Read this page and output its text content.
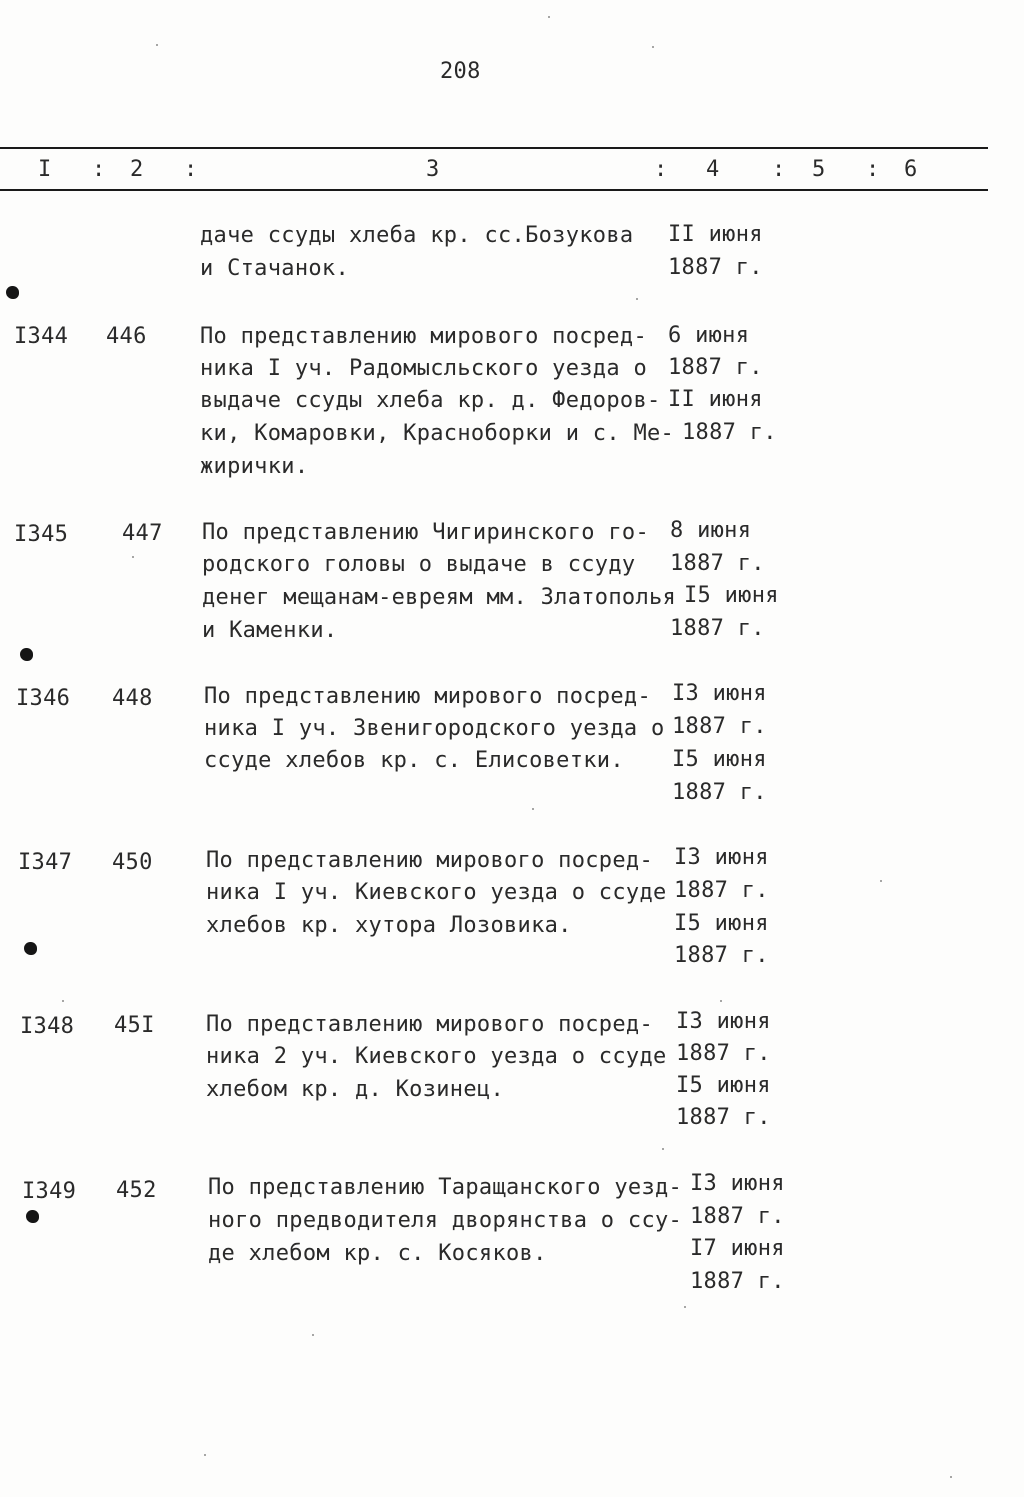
208
I : 2 :	3	: 4 : 5 : 6
даче ссуды хлеба кр. сс.Бозукова
и Стачанок.
II июня
1887 г.
I344 446 По представлению мирового посред-
ника I уч. Радомысльского уезда о
выдаче ссуды хлеба кр. д. Федоров-
ки, Комаровки, Красноборки и с. Ме-
жирички.
6 июня
1887 г.
II июня
1887 г.
I345 447 По представлению Чигиринского го-
родского головы о выдаче в ссуду
денег мещанам-евреям мм. Златополья
и Каменки.
8 июня
1887 г.
I5 июня
1887 г.
I346 448 По представлению мирового посред-
ника I уч. Звенигородского уезда о
ссуде хлебов кр. с. Елисоветки.
I3 июня
1887 г.
I5 июня
1887 г.
I347 450 По представлению мирового посред-
ника I уч. Киевского уезда о ссуде
хлебов кр. хутора Лозовика.
I3 июня
1887 г.
I5 июня
1887 г.
I348 45I По представлению мирового посред-
ника 2 уч. Киевского уезда о ссуде
хлебом кр. д. Козинец.
I3 июня
1887 г.
I5 июня
1887 г.
I349 452 По представлению Таращанского уезд-
ного предводителя дворянства о ссу-
де хлебом кр. с. Косяков.
I3 июня
1887 г.
I7 июня
1887 г.
